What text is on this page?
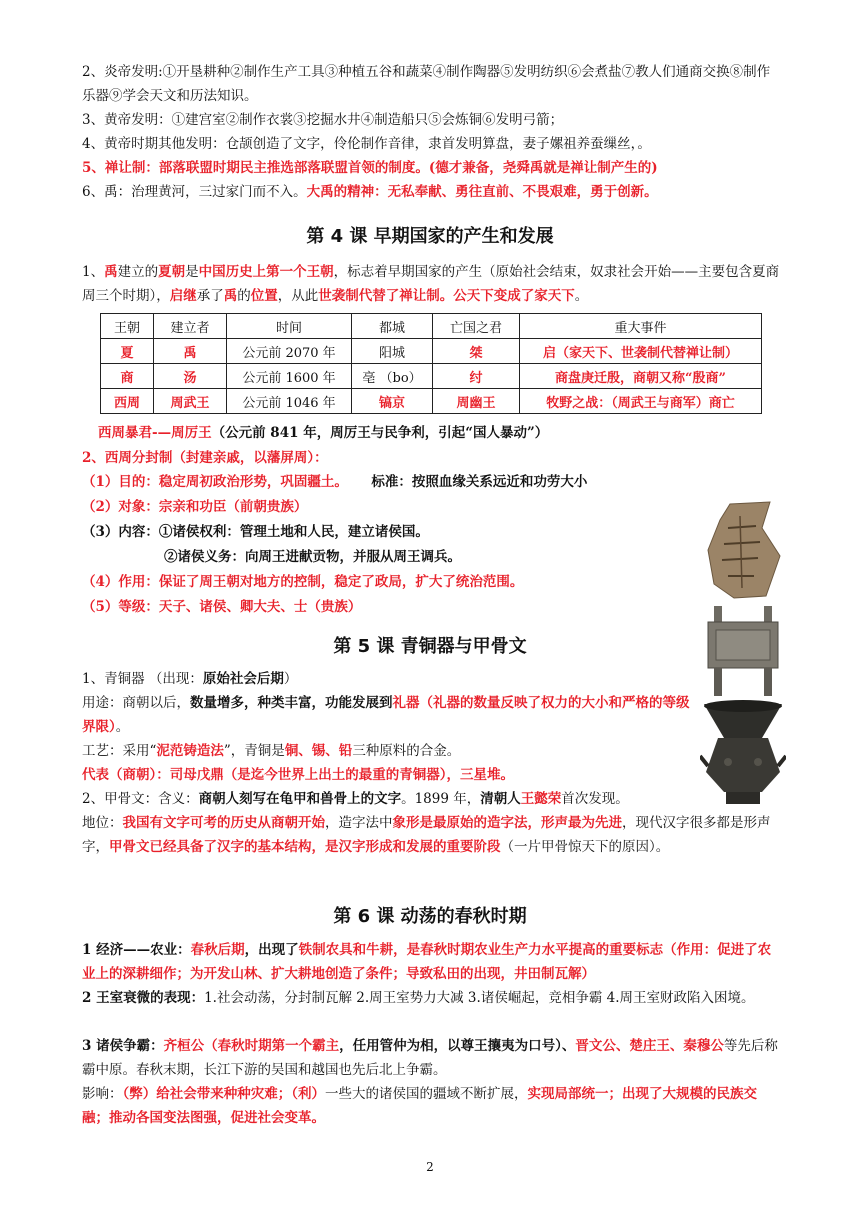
2、炎帝发明:①开垦耕种②制作生产工具③种植五谷和蔬菜④制作陶器⑤发明纺织⑥会煮盐⑦教人们通商交换⑧制作乐器⑨学会天文和历法知识。
3、黄帝发明：①建宫室②制作衣裳③挖掘水井④制造船只⑤会炼铜⑥发明弓箭；
4、黄帝时期其他发明：仓颉创造了文字，伶伦制作音律，隶首发明算盘，妻子嫘祖养蚕缫丝，。
5、禅让制：部落联盟时期民主推选部落联盟首领的制度。(德才兼备，尧舜禹就是禅让制产生的)
6、禹：治理黄河，三过家门而不入。大禹的精神：无私奉献、勇往直前、不畏艰难，勇于创新。
第 4 课 早期国家的产生和发展
1、禹建立的夏朝是中国历史上第一个王朝，标志着早期国家的产生（原始社会结束，奴隶社会开始——主要包含夏商周三个时期），启继承了禹的位置，从此世袭制代替了禅让制。公天下变成了家天下。
王朝	建立者	时间	都城	亡国之君	重大事件
夏	禹	公元前 2070 年	阳城	桀	启（家天下、世袭制代替禅让制）
商	汤	公元前 1600 年	亳 （bo）	纣	商盘庚迁殷，商朝又称“殷商”
西周	周武王	公元前 1046 年	镐京	周幽王	牧野之战：（周武王与商军）商亡
西周暴君-—周厉王（公元前 841 年，周厉王与民争利，引起“国人暴动”）
2、西周分封制（封建亲戚，以藩屏周）：
（1）目的：稳定周初政治形势，巩固疆土。 标准：按照血缘关系远近和功劳大小
（2）对象：宗亲和功臣（前朝贵族）
（3）内容：①诸侯权利：管理土地和人民，建立诸侯国。
②诸侯义务：向周王进献贡物，并服从周王调兵。
（4）作用：保证了周王朝对地方的控制，稳定了政局，扩大了统治范围。
（5）等级：天子、诸侯、卿大夫、士（贵族）
第 5 课 青铜器与甲骨文
1、青铜器 （出现：原始社会后期）
用途：商朝以后，数量增多，种类丰富，功能发展到礼器（礼器的数量反映了权力的大小和严格的等级界限）。
工艺：采用“泥范铸造法”，青铜是铜、锡、铅三种原料的合金。
代表（商朝）：司母戊鼎（是迄今世界上出土的最重的青铜器），三星堆。
2、甲骨文：含义：商朝人刻写在龟甲和兽骨上的文字。1899 年，清朝人王懿荣首次发现。
地位：我国有文字可考的历史从商朝开始，造字法中象形是最原始的造字法，形声最为先进，现代汉字很多都是形声字，甲骨文已经具备了汉字的基本结构，是汉字形成和发展的重要阶段（一片甲骨惊天下的原因）。
第 6 课 动荡的春秋时期
1 经济——农业：春秋后期，出现了铁制农具和牛耕，是春秋时期农业生产力水平提高的重要标志（作用：促进了农业上的深耕细作；为开发山林、扩大耕地创造了条件；导致私田的出现，井田制瓦解）
2 王室衰微的表现：1.社会动荡，分封制瓦解 2.周王室势力大减 3.诸侯崛起，竞相争霸 4.周王室财政陷入困境。
3 诸侯争霸：齐桓公（春秋时期第一个霸主，任用管仲为相，以尊王攘夷为口号）、晋文公、楚庄王、秦穆公等先后称霸中原。春秋末期，长江下游的吴国和越国也先后北上争霸。
影响：（弊）给社会带来种种灾难；（利）一些大的诸侯国的疆域不断扩展，实现局部统一；出现了大规模的民族交融；推动各国变法图强，促进社会变革。
2
